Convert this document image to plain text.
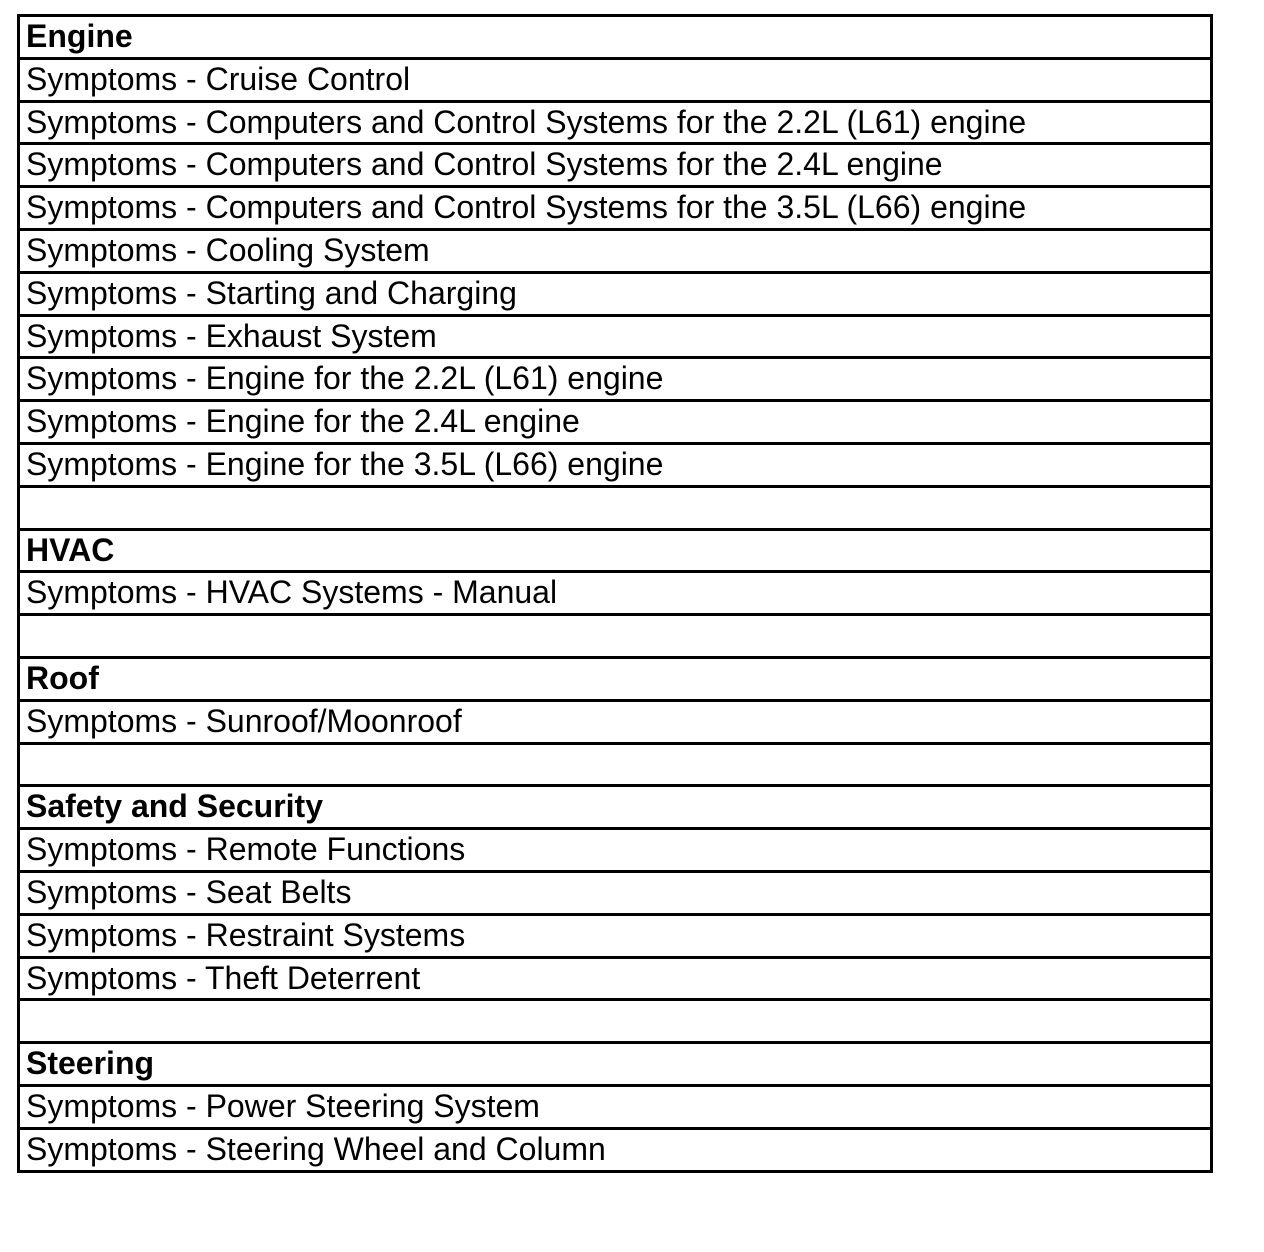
Engine
Symptoms - Cruise Control
Symptoms - Computers and Control Systems for the 2.2L (L61) engine
Symptoms - Computers and Control Systems for the 2.4L engine
Symptoms - Computers and Control Systems for the 3.5L (L66) engine
Symptoms - Cooling System
Symptoms - Starting and Charging
Symptoms - Exhaust System
Symptoms - Engine for the 2.2L (L61) engine
Symptoms - Engine for the 2.4L engine
Symptoms - Engine for the 3.5L (L66) engine

HVAC
Symptoms - HVAC Systems - Manual

Roof
Symptoms - Sunroof/Moonroof

Safety and Security
Symptoms - Remote Functions
Symptoms - Seat Belts
Symptoms - Restraint Systems
Symptoms - Theft Deterrent

Steering
Symptoms - Power Steering System
Symptoms - Steering Wheel and Column
